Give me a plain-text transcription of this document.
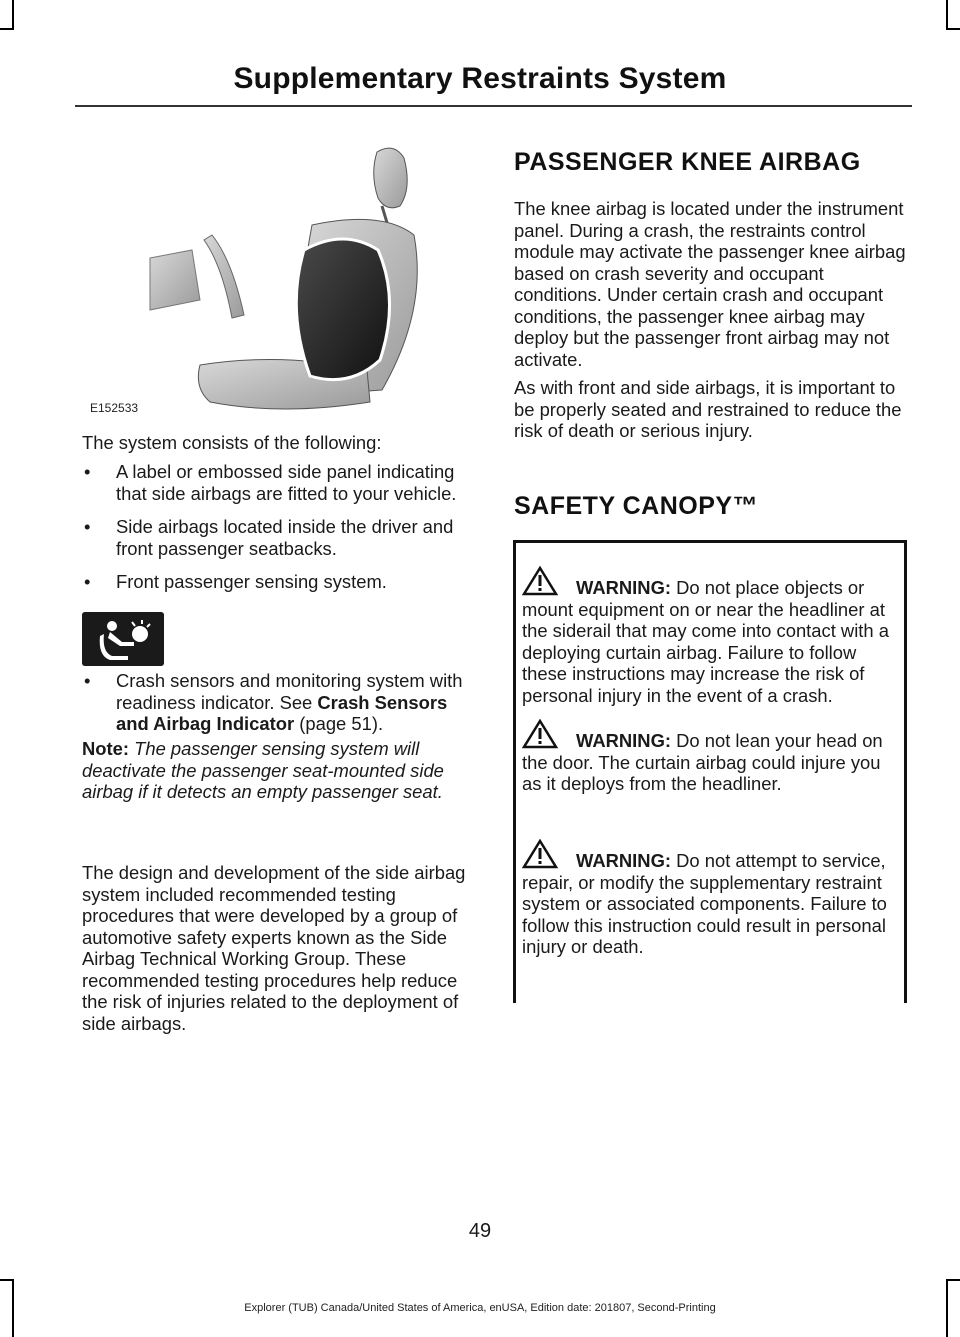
Supplementary Restraints System
E152533

The system consists of the following:

• A label or embossed side panel indicating that side airbags are fitted to your vehicle.
• Side airbags located inside the driver and front passenger seatbacks.
• Front passenger sensing system.
• Crash sensors and monitoring system with readiness indicator. See Crash Sensors and Airbag Indicator (page 51).

Note: The passenger sensing system will deactivate the passenger seat-mounted side airbag if it detects an empty passenger seat.

The design and development of the side airbag system included recommended testing procedures that were developed by a group of automotive safety experts known as the Side Airbag Technical Working Group. These recommended testing procedures help reduce the risk of injuries related to the deployment of side airbags.

PASSENGER KNEE AIRBAG

The knee airbag is located under the instrument panel. During a crash, the restraints control module may activate the passenger knee airbag based on crash severity and occupant conditions. Under certain crash and occupant conditions, the passenger knee airbag may deploy but the passenger front airbag may not activate.

As with front and side airbags, it is important to be properly seated and restrained to reduce the risk of death or serious injury.

SAFETY CANOPY™

WARNING: Do not place objects or mount equipment on or near the headliner at the siderail that may come into contact with a deploying curtain airbag. Failure to follow these instructions may increase the risk of personal injury in the event of a crash.

WARNING: Do not lean your head on the door. The curtain airbag could injure you as it deploys from the headliner.

WARNING: Do not attempt to service, repair, or modify the supplementary restraint system or associated components. Failure to follow this instruction could result in personal injury or death.

49
Explorer (TUB) Canada/United States of America, enUSA, Edition date: 201807, Second-Printing
